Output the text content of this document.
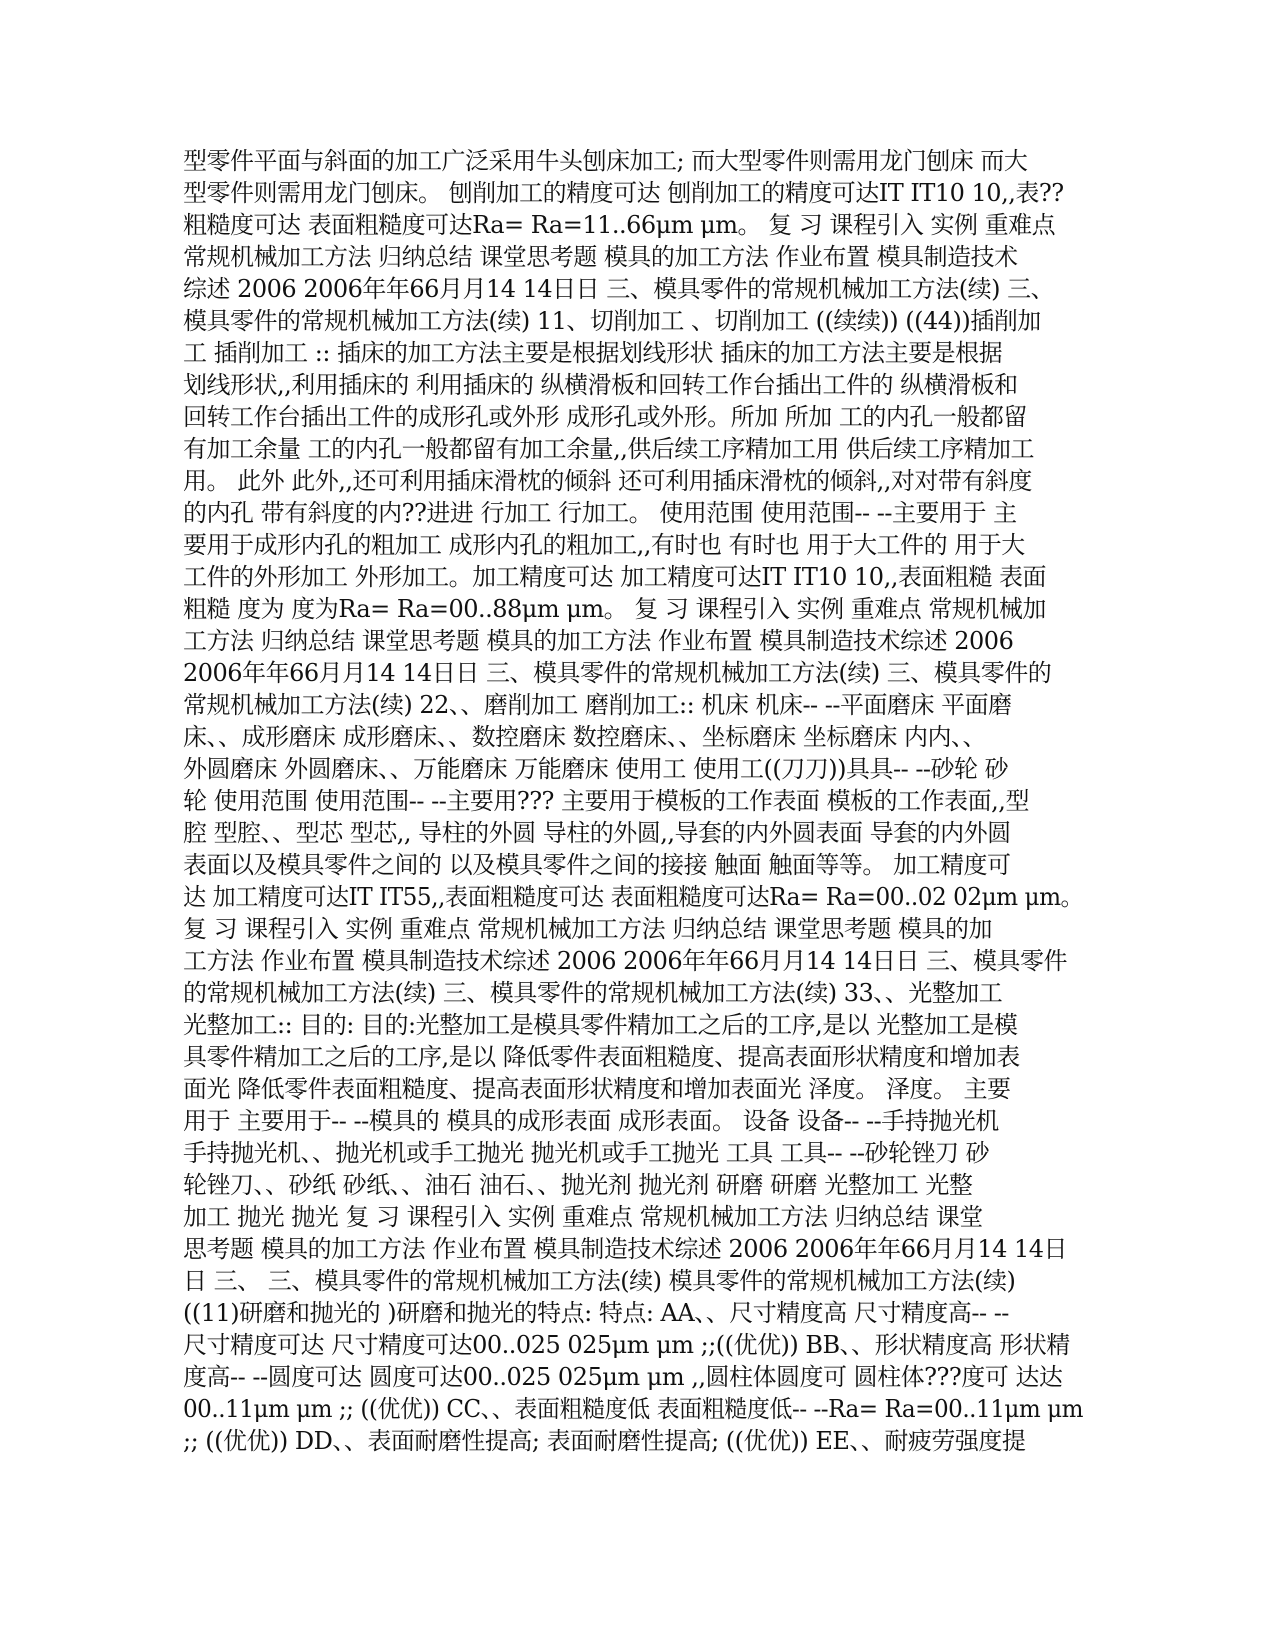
型零件平面与斜面的加工广泛采用牛头刨床加工; 而大型零件则需用龙门刨床 而大
型零件则需用龙门刨床。 刨削加工的精度可达 刨削加工的精度可达IT IT10 10,,表??
粗糙度可达 表面粗糙度可达Ra= Ra=11..66μm μm。 复 习 课程引入 实例 重难点
常规机械加工方法 归纳总结 课堂思考题 模具的加工方法 作业布置 模具制造技术
综述 2006 2006年年66月月14 14日日 三、模具零件的常规机械加工方法(续) 三、
模具零件的常规机械加工方法(续) 11、切削加工 、切削加工 ((续续)) ((44))插削加
工 插削加工 :: 插床的加工方法主要是根据划线形状 插床的加工方法主要是根据
划线形状,,利用插床的 利用插床的 纵横滑板和回转工作台插出工件的 纵横滑板和
回转工作台插出工件的成形孔或外形 成形孔或外形。所加 所加 工的内孔一般都留
有加工余量 工的内孔一般都留有加工余量,,供后续工序精加工用 供后续工序精加工
用。 此外 此外,,还可利用插床滑枕的倾斜 还可利用插床滑枕的倾斜,,对对带有斜度
的内孔 带有斜度的内??进进 行加工 行加工。 使用范围 使用范围-- --主要用于 主
要用于成形内孔的粗加工 成形内孔的粗加工,,有时也 有时也 用于大工件的 用于大
工件的外形加工 外形加工。加工精度可达 加工精度可达IT IT10 10,,表面粗糙 表面
粗糙 度为 度为Ra= Ra=00..88μm μm。 复 习 课程引入 实例 重难点 常规机械加
工方法 归纳总结 课堂思考题 模具的加工方法 作业布置 模具制造技术综述 2006
2006年年66月月14 14日日 三、模具零件的常规机械加工方法(续) 三、模具零件的
常规机械加工方法(续) 22、、磨削加工 磨削加工:: 机床 机床-- --平面磨床 平面磨
床、、成形磨床 成形磨床、、数控磨床 数控磨床、、坐标磨床 坐标磨床 内内、、
外圆磨床 外圆磨床、、万能磨床 万能磨床 使用工 使用工((刀刀))具具-- --砂轮 砂
轮 使用范围 使用范围-- --主要用??? 主要用于模板的工作表面 模板的工作表面,,型
腔 型腔、、型芯 型芯,, 导柱的外圆 导柱的外圆,,导套的内外圆表面 导套的内外圆
表面以及模具零件之间的 以及模具零件之间的接接 触面 触面等等。 加工精度可
达 加工精度可达IT IT55,,表面粗糙度可达 表面粗糙度可达Ra= Ra=00..02 02μm μm。
复 习 课程引入 实例 重难点 常规机械加工方法 归纳总结 课堂思考题 模具的加
工方法 作业布置 模具制造技术综述 2006 2006年年66月月14 14日日 三、模具零件
的常规机械加工方法(续) 三、模具零件的常规机械加工方法(续) 33、、光整加工
光整加工:: 目的: 目的:光整加工是模具零件精加工之后的工序,是以 光整加工是模
具零件精加工之后的工序,是以 降低零件表面粗糙度、提高表面形状精度和增加表
面光 降低零件表面粗糙度、提高表面形状精度和增加表面光 泽度。 泽度。 主要
用于 主要用于-- --模具的 模具的成形表面 成形表面。 设备 设备-- --手持抛光机
手持抛光机、、抛光机或手工抛光 抛光机或手工抛光 工具 工具-- --砂轮锉刀 砂
轮锉刀、、砂纸 砂纸、、油石 油石、、抛光剂 抛光剂 研磨 研磨 光整加工 光整
加工 抛光 抛光 复 习 课程引入 实例 重难点 常规机械加工方法 归纳总结 课堂
思考题 模具的加工方法 作业布置 模具制造技术综述 2006 2006年年66月月14 14日
日 三、 三、模具零件的常规机械加工方法(续) 模具零件的常规机械加工方法(续)
((11)研磨和抛光的 )研磨和抛光的特点: 特点: AA、、尺寸精度高 尺寸精度高-- --
尺寸精度可达 尺寸精度可达00..025 025μm μm ;;((优优)) BB、、形状精度高 形状精
度高-- --圆度可达 圆度可达00..025 025μm μm ,,圆柱体圆度可 圆柱体???度可 达达
00..11μm μm ;; ((优优)) CC、、表面粗糙度低 表面粗糙度低-- --Ra= Ra=00..11μm μm
;; ((优优)) DD、、表面耐磨性提高; 表面耐磨性提高; ((优优)) EE、、耐疲劳强度提
